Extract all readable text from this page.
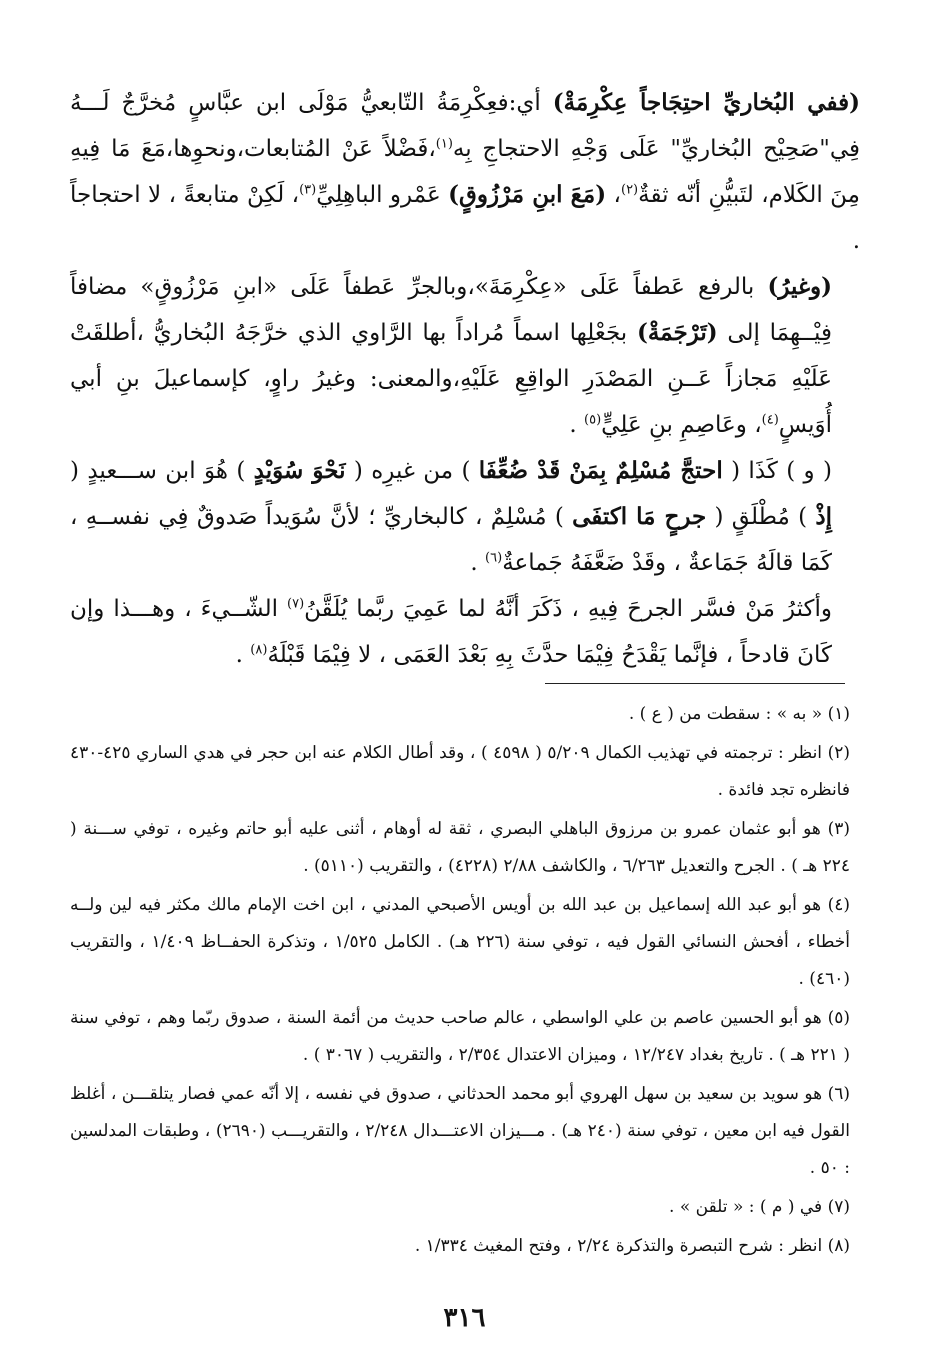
(ففي البُخاريِّ احتِجَاجاً عِكْرِمَةْ) أي:فعِكْرِمَةُ التّابعيُّ مَوْلَى ابن عبَّاسٍ مُخرَّجٌ لَـــهُ فِي"صَحِيْح البُخاريِّ" عَلَى وَجْهِ الاحتجاجِ بِه$^{(١)}$،فَضْلاً عَنْ المُتابعات،ونحوِها،مَعَ مَا فِيهِ مِنَ الكَلام، لتَبيُّنِ أنّه ثقةٌ$^{(٢)}$، (مَعَ ابنِ مَرْزُوقٍ) عَمْرو الباهِلِيِّ$^{(٣)}$، لَكِنْ متابعةً ، لا احتجاجاً .

(وغيرُ) بالرفع عَطفاً عَلَى «عِكْرِمَةَ»،وبالجرِّ عَطفاً عَلَى «ابنِ مَرْزُوقٍ» مضافاً فِيْــهِمَا إلى (تَرْجَمَةْ) بجَعْلِها اسماً مُراداً بها الرَّاوي الذي خرَّجَهُ البُخاريُّ ،أطلقَتْ عَلَيْهِ مَجازاً عَــنِ المَصْدَرِ الواقِعِ عَلَيْهِ،والمعنى: وغيرُ راوٍ، كإسماعيلَ بنِ أبي أُوَيسٍ$^{(٤)}$، وعَاصِمِ بنِ عَلِيٍّ$^{(٥)}$ .

( و ) كَذَا ( احتجَّ مُسْلِمٌ بِمَنْ قَدْ ضُعِّفَا ) من غيرِه ( نَحْوَ سُوَيْدٍ ) هُوَ ابن ســـعيدٍ ( إِذْ ) مُطْلَقٍ ( جرحٍ مَا اكتفَى ) مُسْلِمٌ ، كالبخاريِّ ؛ لأنَّ سُوَيداً صَدوقٌ فِي نفســهِ ، كَمَا قالَهُ جَمَاعةٌ ، وقَدْ ضَعَّفَهُ جَماعةٌ$^{(٦)}$ .

وأكثرُ مَنْ فسَّر الجرحَ فِيهِ ، ذَكَرَ أنَّهُ لما عَمِيَ ربَّما يُلَقَّنُ$^{(٧)}$ الشّــيءَ ، وهـــذا وإن كَانَ قادحاً ، فإنَّما يَقْدَحُ فِيْمَا حدَّثَ بِهِ بَعْدَ العَمَى ، لا فِيْمَا قَبْلَهُ$^{(٨)}$ .

(١) « به » : سقطت من ( ع ) .

(٢) انظر : ترجمته في تهذيب الكمال ٥/٢٠٩ ( ٤٥٩٨ ) ، وقد أطال الكلام عنه ابن حجر في هدي الساري ٤٢٥-٤٣٠ فانظره تجد فائدة .

(٣) هو أبو عثمان عمرو بن مرزوق الباهلي البصري ، ثقة له أوهام ، أثنى عليه أبو حاتم وغيره ، توفي ســـنة ( ٢٢٤ هـ ) . الجرح والتعديل ٦/٢٦٣ ، والكاشف ٢/٨٨ (٤٢٢٨) ، والتقريب (٥١١٠) .

(٤) هو أبو عبد الله إسماعيل بن عبد الله بن أويس الأصبحي المدني ، ابن اخت الإمام مالك مكثر فيه لين ولــه أخطاء ، أفحش النسائي القول فيه ، توفي سنة (٢٢٦ هـ) . الكامل ١/٥٢٥ ، وتذكرة الحفــاظ ١/٤٠٩ ، والتقريب (٤٦٠) .

(٥) هو أبو الحسين عاصم بن علي الواسطي ، عالم صاحب حديث من أئمة السنة ، صدوق ربّما وهم ، توفي سنة ( ٢٢١ هـ ) . تاريخ بغداد ١٢/٢٤٧ ، وميزان الاعتدال ٢/٣٥٤ ، والتقريب ( ٣٠٦٧ ) .

(٦) هو سويد بن سعيد بن سهل الهروي أبو محمد الحدثاني ، صدوق في نفسه ، إلا أنّه عمي فصار يتلقـــن ، أغلظ القول فيه ابن معين ، توفي سنة (٢٤٠ هـ) . مـــيزان الاعتـــدال ٢/٢٤٨ ، والتقريـــب (٢٦٩٠) ، وطبقات المدلسين : ٥٠ .

(٧) في ( م ) : « تلقن » .

(٨) انظر : شرح التبصرة والتذكرة ٢/٢٤ ، وفتح المغيث ١/٣٣٤ .

٣١٦
